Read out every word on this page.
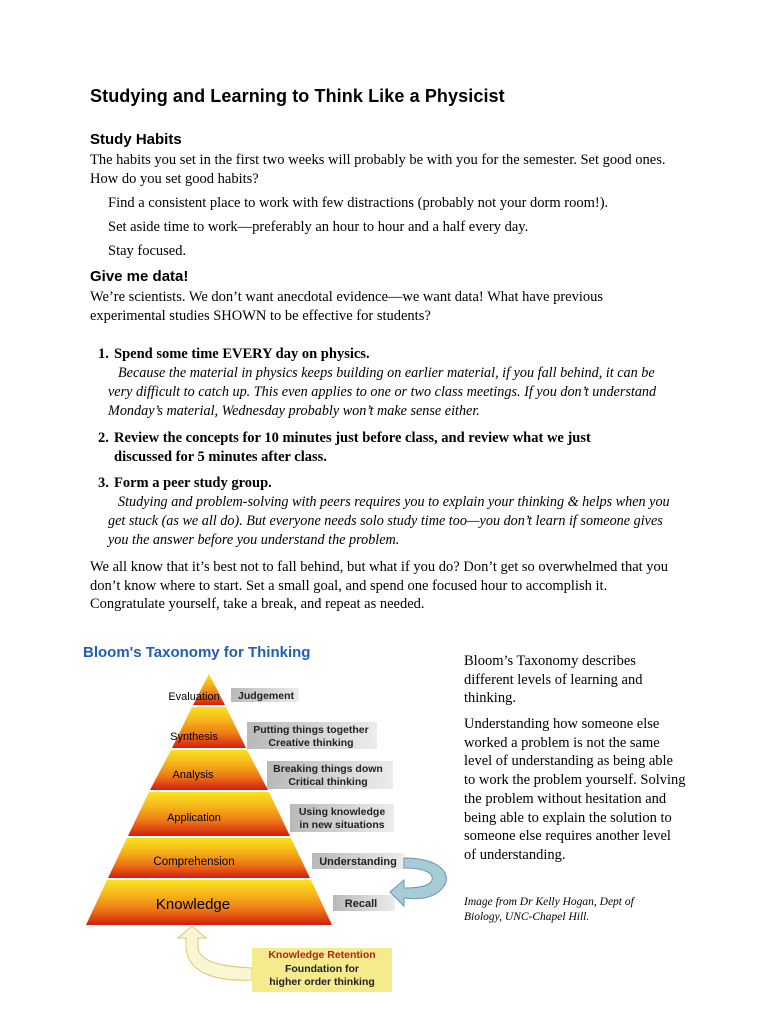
Studying and Learning to Think Like a Physicist
Study Habits

The habits you set in the first two weeks will probably be with you for the semester. Set good ones. How do you set good habits?

Find a consistent place to work with few distractions (probably not your dorm room!).

Set aside time to work—preferably an hour to hour and a half every day.

Stay focused.

Give me data!

We’re scientists. We don’t want anecdotal evidence—we want data! What have previous experimental studies SHOWN to be effective for students?

1. Spend some time EVERY day on physics.

Because the material in physics keeps building on earlier material, if you fall behind, it can be very difficult to catch up. This even applies to one or two class meetings. If you don’t understand Monday’s material, Wednesday probably won’t make sense either.

2. Review the concepts for 10 minutes just before class, and review what we just
discussed for 5 minutes after class.

3. Form a peer study group.

Studying and problem-solving with peers requires you to explain your thinking & helps when you get stuck (as we all do). But everyone needs solo study time too—you don’t learn if someone gives you the answer before you understand the problem.

We all know that it’s best not to fall behind, but what if you do? Don’t get so overwhelmed that you don’t know where to start. Set a small goal, and spend one focused hour to accomplish it. Congratulate yourself, take a break, and repeat as needed.

Bloom's Taxonomy for Thinking
Evaluation
Synthesis
Analysis
Application
Comprehension
Knowledge
Judgement
Putting things together
Creative thinking
Breaking things down
Critical thinking
Using knowledge
in new situations
Understanding
Recall
Knowledge Retention
Foundation for
higher order thinking

Bloom’s Taxonomy describes different levels of learning and thinking.

Understanding how someone else worked a problem is not the same level of understanding as being able to work the problem yourself. Solving the problem without hesitation and being able to explain the solution to someone else requires another level of understanding.

Image from Dr Kelly Hogan, Dept of Biology, UNC-Chapel Hill.
